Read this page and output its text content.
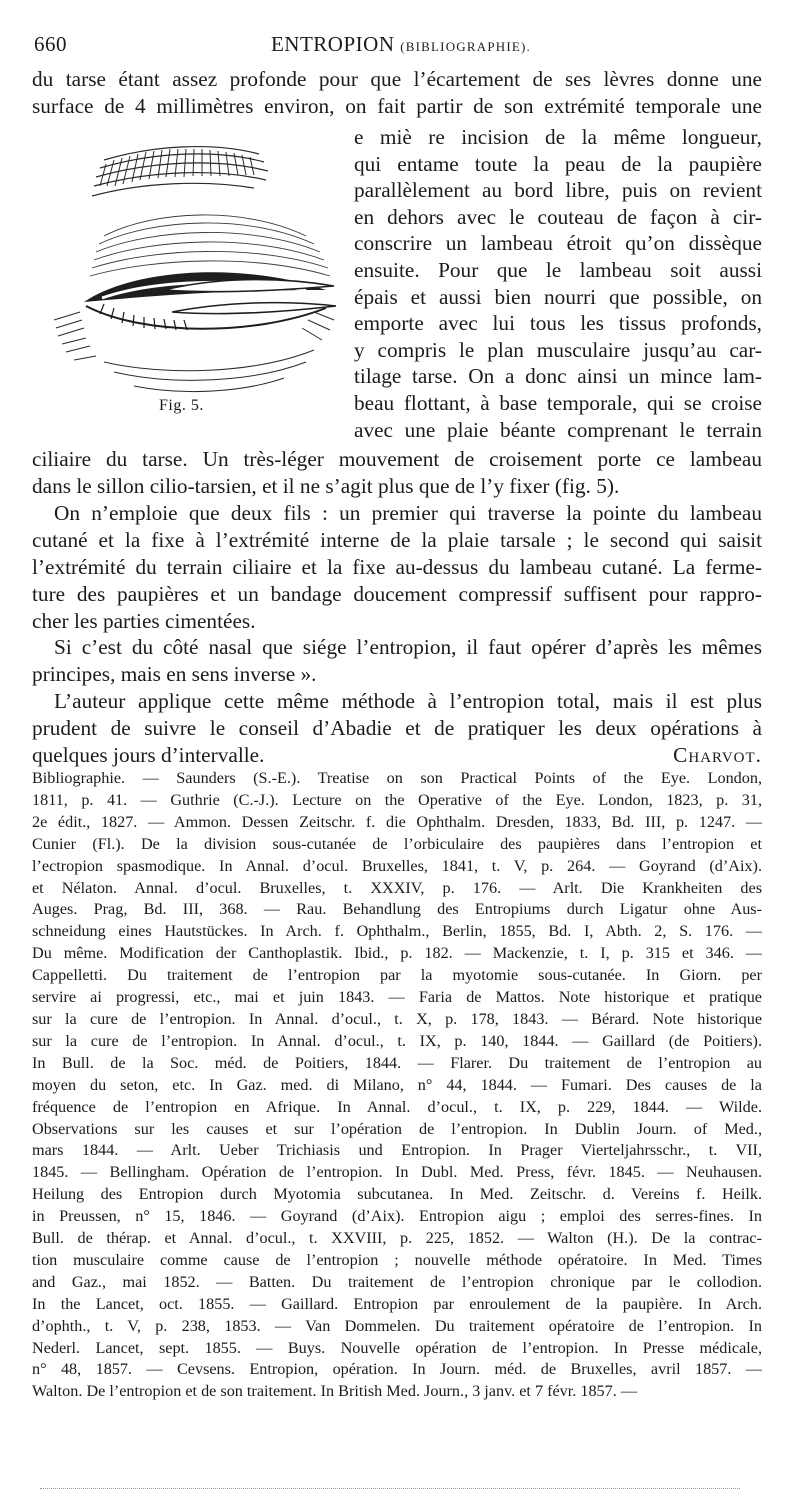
660	ENTROPION (BIBLIOGRAPHIE).
du tarse étant assez profonde pour que l’écartement de ses lèvres donne une
surface de 4 millimètres environ, on fait partir de son extrémité temporale une
Fig. 5.
e miè re incision de la même longueur,
qui entame toute la peau de la paupière
parallèlement au bord libre, puis on revient
en dehors avec le couteau de façon à cir-
conscrire un lambeau étroit qu’on dissèque
ensuite. Pour que le lambeau soit aussi
épais et aussi bien nourri que possible, on
emporte avec lui tous les tissus profonds,
y compris le plan musculaire jusqu’au car-
tilage tarse. On a donc ainsi un mince lam-
beau flottant, à base temporale, qui se croise
avec une plaie béante comprenant le terrain
ciliaire du tarse. Un très-léger mouvement de croisement porte ce lambeau
dans le sillon cilio-tarsien, et il ne s’agit plus que de l’y fixer (fig. 5).
On n’emploie que deux fils : un premier qui traverse la pointe du lambeau
cutané et la fixe à l’extrémité interne de la plaie tarsale ; le second qui saisit
l’extrémité du terrain ciliaire et la fixe au-dessus du lambeau cutané. La ferme-
ture des paupières et un bandage doucement compressif suffisent pour rappro-
cher les parties cimentées.
Si c’est du côté nasal que siége l’entropion, il faut opérer d’après les mêmes
principes, mais en sens inverse ».
L’auteur applique cette même méthode à l’entropion total, mais il est plus
prudent de suivre le conseil d’Abadie et de pratiquer les deux opérations à
quelques jours d’intervalle.	Charvot.
Bibliographie. — Saunders (S.-E.). Treatise on son Practical Points of the Eye. London,
1811, p. 41. — Guthrie (C.-J.). Lecture on the Operative of the Eye. London, 1823, p. 31,
2e édit., 1827. — Ammon. Dessen Zeitschr. f. die Ophthalm. Dresden, 1833, Bd. III, p. 1247. —
Cunier (Fl.). De la division sous-cutanée de l’orbiculaire des paupières dans l’entropion et
l’ectropion spasmodique. In Annal. d’ocul. Bruxelles, 1841, t. V, p. 264. — Goyrand (d’Aix).
et Nélaton. Annal. d’ocul. Bruxelles, t. XXXIV, p. 176. — Arlt. Die Krankheiten des
Auges. Prag, Bd. III, 368. — Rau. Behandlung des Entropiums durch Ligatur ohne Aus-
schneidung eines Hautstückes. In Arch. f. Ophthalm., Berlin, 1855, Bd. I, Abth. 2, S. 176. —
Du même. Modification der Canthoplastik. Ibid., p. 182. — Mackenzie, t. I, p. 315 et 346. —
Cappelletti. Du traitement de l’entropion par la myotomie sous-cutanée. In Giorn. per
servire ai progressi, etc., mai et juin 1843. — Faria de Mattos. Note historique et pratique
sur la cure de l’entropion. In Annal. d’ocul., t. X, p. 178, 1843. — Bérard. Note historique
sur la cure de l’entropion. In Annal. d’ocul., t. IX, p. 140, 1844. — Gaillard (de Poitiers).
In Bull. de la Soc. méd. de Poitiers, 1844. — Flarer. Du traitement de l’entropion au
moyen du seton, etc. In Gaz. med. di Milano, n° 44, 1844. — Fumari. Des causes de la
fréquence de l’entropion en Afrique. In Annal. d’ocul., t. IX, p. 229, 1844. — Wilde.
Observations sur les causes et sur l’opération de l’entropion. In Dublin Journ. of Med.,
mars 1844. — Arlt. Ueber Trichiasis und Entropion. In Prager Vierteljahrsschr., t. VII,
1845. — Bellingham. Opération de l’entropion. In Dubl. Med. Press, févr. 1845. — Neuhausen.
Heilung des Entropion durch Myotomia subcutanea. In Med. Zeitschr. d. Vereins f. Heilk.
in Preussen, n° 15, 1846. — Goyrand (d’Aix). Entropion aigu ; emploi des serres-fines. In
Bull. de thérap. et Annal. d’ocul., t. XXVIII, p. 225, 1852. — Walton (H.). De la contrac-
tion musculaire comme cause de l’entropion ; nouvelle méthode opératoire. In Med. Times
and Gaz., mai 1852. — Batten. Du traitement de l’entropion chronique par le collodion.
In the Lancet, oct. 1855. — Gaillard. Entropion par enroulement de la paupière. In Arch.
d’ophth., t. V, p. 238, 1853. — Van Dommelen. Du traitement opératoire de l’entropion. In
Nederl. Lancet, sept. 1855. — Buys. Nouvelle opération de l’entropion. In Presse médicale,
n° 48, 1857. — Cevsens. Entropion, opération. In Journ. méd. de Bruxelles, avril 1857. —
Walton. De l’entropion et de son traitement. In British Med. Journ., 3 janv. et 7 févr. 1857. —
